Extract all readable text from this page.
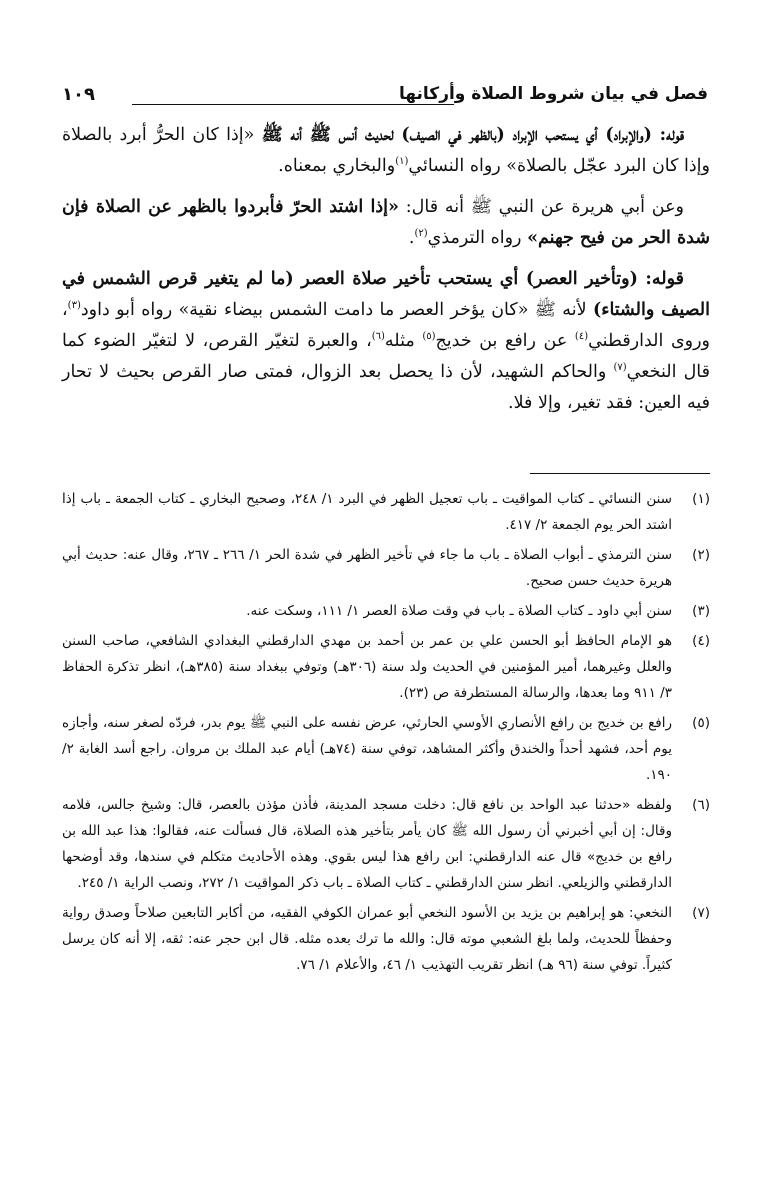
فصل في بيان شروط الصلاة وأركانها
١٠٩

قوله: (والإبراد) أي يستحب الإبراد (بالظهر في الصيف) لحديث أنس ﷺ أنه ﷺ «إذا كان الحرُّ أبرد بالصلاة وإذا كان البرد عجّل بالصلاة» رواه النسائي$^{(١)}$والبخاري بمعناه.

وعن أبي هريرة عن النبي ﷺ أنه قال: «إذا اشتد الحرّ فأبردوا بالظهر عن الصلاة فإن شدة الحر من فيح جهنم» رواه الترمذي$^{(٢)}$.

قوله: (وتأخير العصر) أي يستحب تأخير صلاة العصر (ما لم يتغير قرص الشمس في الصيف والشتاء) لأنه ﷺ «كان يؤخر العصر ما دامت الشمس بيضاء نقية» رواه أبو داود$^{(٣)}$، وروى الدارقطني$^{(٤)}$ عن رافع بن خديج$^{(٥)}$ مثله$^{(٦)}$، والعبرة لتغيّر القرص، لا لتغيّر الضوء كما قال النخعي$^{(٧)}$ والحاكم الشهيد، لأن ذا يحصل بعد الزوال، فمتى صار القرص بحيث لا تحار فيه العين: فقد تغير، وإلا فلا.

(١)
سنن النسائي ـ كتاب المواقيت ـ باب تعجيل الظهر في البرد ١/ ٢٤٨، وصحيح البخاري ـ كتاب الجمعة ـ باب إذا اشتد الحر يوم الجمعة ٢/ ٤١٧.
(٢)
سنن الترمذي ـ أبواب الصلاة ـ باب ما جاء في تأخير الظهر في شدة الحر ١/ ٢٦٦ ـ ٢٦٧، وقال عنه: حديث أبي هريرة حديث حسن صحيح.
(٣)
سنن أبي داود ـ كتاب الصلاة ـ باب في وقت صلاة العصر ١/ ١١١، وسكت عنه.
(٤)
هو الإمام الحافظ أبو الحسن علي بن عمر بن أحمد بن مهدي الدارقطني البغدادي الشافعي، صاحب السنن والعلل وغيرهما، أمير المؤمنين في الحديث ولد سنة (٣٠٦هـ) وتوفي ببغداد سنة (٣٨٥هـ)، انظر تذكرة الحفاظ ٣/ ٩١١ وما بعدها، والرسالة المستطرفة ص (٢٣).
(٥)
رافع بن خديج بن رافع الأنصاري الأوسي الحارثي، عرض نفسه على النبي ﷺ يوم بدر، فردّه لصغر سنه، وأجازه يوم أحد، فشهد أحداً والخندق وأكثر المشاهد، توفي سنة (٧٤هـ) أيام عبد الملك بن مروان. راجع أسد الغابة ٢/ ١٩٠.
(٦)
ولفظه «حدثنا عبد الواحد بن نافع قال: دخلت مسجد المدينة، فأذن مؤذن بالعصر، قال: وشيخ جالس، فلامه وقال: إن أبي أخبرني أن رسول الله ﷺ كان يأمر بتأخير هذه الصلاة، قال فسألت عنه، فقالوا: هذا عبد الله بن رافع بن خديج» قال عنه الدارقطني: ابن رافع هذا ليس بقوي. وهذه الأحاديث متكلم في سندها، وقد أوضحها الدارقطني والزيلعي. انظر سنن الدارقطني ـ كتاب الصلاة ـ باب ذكر المواقيت ١/ ٢٧٢، ونصب الراية ١/ ٢٤٥.
(٧)
النخعي: هو إبراهيم بن يزيد بن الأسود النخعي أبو عمران الكوفي الفقيه، من أكابر التابعين صلاحاً وصدق رواية وحفظاً للحديث، ولما بلغ الشعبي موته قال: والله ما ترك بعده مثله. قال ابن حجر عنه: ثقه، إلا أنه كان يرسل كثيراً. توفي سنة (٩٦ هـ) انظر تقريب التهذيب ١/ ٤٦، والأعلام ١/ ٧٦.
